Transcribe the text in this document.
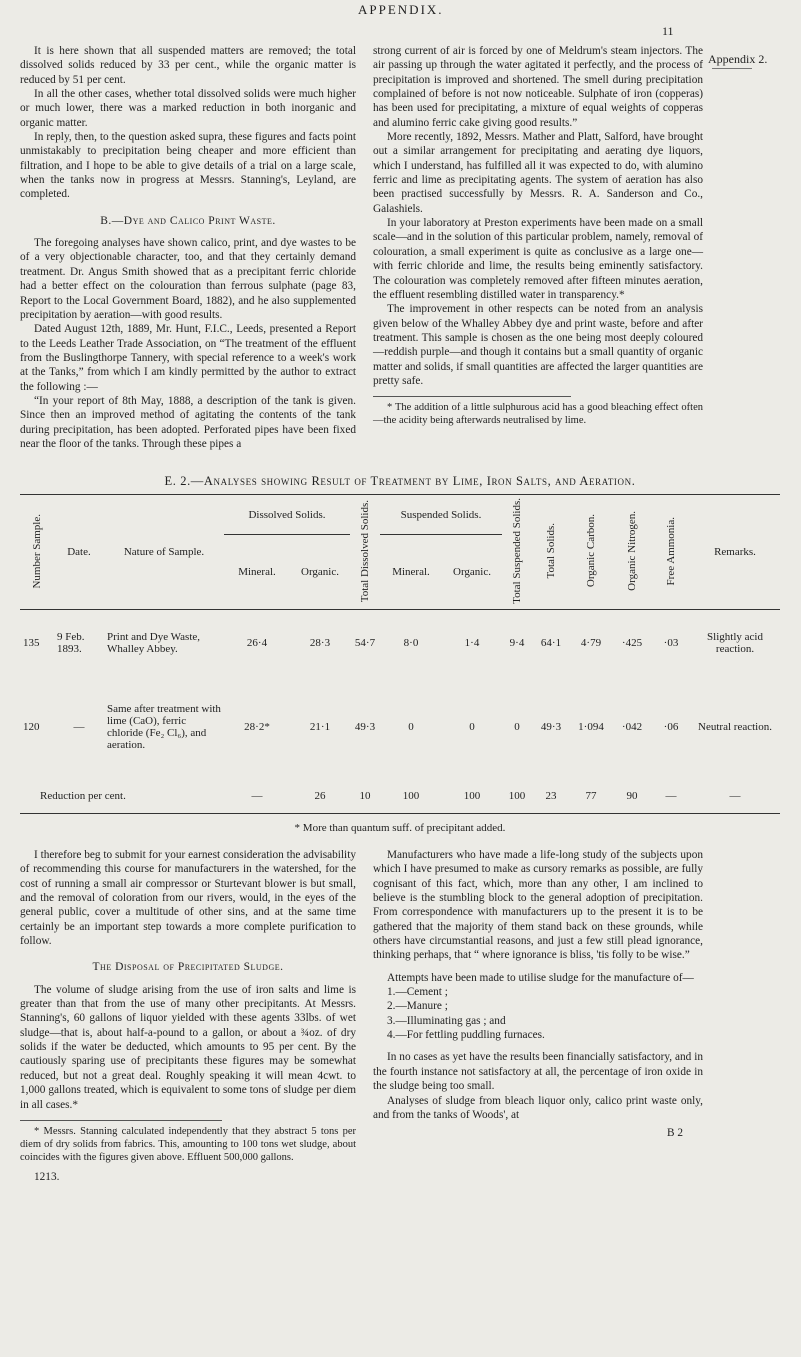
APPENDIX.
11
Appendix 2.

It is here shown that all suspended matters are removed; the total dissolved solids reduced by 33 per cent., while the organic matter is reduced by 51 per cent.

In all the other cases, whether total dissolved solids were much higher or much lower, there was a marked reduction in both inorganic and organic matter.

In reply, then, to the question asked supra, these figures and facts point unmistakably to precipitation being cheaper and more efficient than filtration, and I hope to be able to give details of a trial on a large scale, when the tanks now in progress at Messrs. Stanning's, Leyland, are completed.

B.—Dye and Calico Print Waste.

The foregoing analyses have shown calico, print, and dye wastes to be of a very objectionable character, too, and that they certainly demand treatment. Dr. Angus Smith showed that as a precipitant ferric chloride had a better effect on the colouration than ferrous sulphate (page 83, Report to the Local Government Board, 1882), and he also supplemented precipitation by aeration—with good results.

Dated August 12th, 1889, Mr. Hunt, F.I.C., Leeds, presented a Report to the Leeds Leather Trade Association, on “The treatment of the effluent from the Buslingthorpe Tannery, with special reference to a week's work at the Tanks,” from which I am kindly permitted by the author to extract the following :—

“In your report of 8th May, 1888, a description of the tank is given. Since then an improved method of agitating the contents of the tank during precipitation, has been adopted. Perforated pipes have been fixed near the floor of the tanks. Through these pipes a

strong current of air is forced by one of Meldrum's steam injectors. The air passing up through the water agitated it perfectly, and the process of precipitation is improved and shortened. The smell during precipitation complained of before is not now noticeable. Sulphate of iron (copperas) has been used for precipitating, a mixture of equal weights of copperas and alumino ferric cake giving good results.”

More recently, 1892, Messrs. Mather and Platt, Salford, have brought out a similar arrangement for precipitating and aerating dye liquors, which I understand, has fulfilled all it was expected to do, with alumino ferric and lime as precipitating agents. The system of aeration has also been practised successfully by Messrs. R. A. Sanderson and Co., Galashiels.

In your laboratory at Preston experiments have been made on a small scale—and in the solution of this particular problem, namely, removal of colouration, a small experiment is quite as conclusive as a large one—with ferric chloride and lime, the results being eminently satisfactory. The colouration was completely removed after fifteen minutes aeration, the effluent resembling distilled water in transparency.*

The improvement in other respects can be noted from an analysis given below of the Whalley Abbey dye and print waste, before and after treatment. This sample is chosen as the one being most deeply coloured—reddish purple—and though it contains but a small quantity of organic matter and solids, if small quantities are affected the larger quantities are pretty safe.

* The addition of a little sulphurous acid has a good bleaching effect often—the acidity being afterwards neutralised by lime.

E. 2.—Analyses showing Result of Treatment by Lime, Iron Salts, and Aeration.
Number Sample.	Date.	Nature of Sample.	Dissolved Solids.		Total Dissolved Solids.	Suspended Solids.		Total Suspended Solids.	Total Solids.	Organic Carbon.	Organic Nitrogen.	Free Ammonia.	Remarks.
			Mineral.	Organic.		Mineral.	Organic.						
135	9 Feb. 1893.	Print and Dye Waste, Whalley Abbey.	26·4	28·3	54·7	8·0	1·4	9·4	64·1	4·79	·425	·03	Slightly acid reaction.
120	—	Same after treatment with lime (CaO), ferric chloride (Fe₂ Cl₆), and aeration.	28·2*	21·1	49·3	0	0	0	49·3	1·094	·042	·06	Neutral reaction.
Reduction per cent.			—	26	10	100	100	100	23	77	90	—	—
* More than quantum suff. of precipitant added.

I therefore beg to submit for your earnest consideration the advisability of recommending this course for manufacturers in the watershed, for the cost of running a small air compressor or Sturtevant blower is but small, and the removal of coloration from our rivers, would, in the eyes of the general public, cover a multitude of other sins, and at the same time certainly be an important step towards a more complete purification to follow.

The Disposal of Precipitated Sludge.

The volume of sludge arising from the use of iron salts and lime is greater than that from the use of many other precipitants. At Messrs. Stanning's, 60 gallons of liquor yielded with these agents 33lbs. of wet sludge—that is, about half-a-pound to a gallon, or about a ¾oz. of dry solids if the water be deducted, which amounts to 95 per cent. By the cautiously sparing use of precipitants these figures may be somewhat reduced, but not a great deal. Roughly speaking it will mean 4cwt. to 1,000 gallons treated, which is equivalent to some tons of sludge per diem in all cases.*

* Messrs. Stanning calculated independently that they abstract 5 tons per diem of dry solids from fabrics. This, amounting to 100 tons wet sludge, about coincides with the figures given above. Effluent 500,000 gallons.

1213.

Manufacturers who have made a life-long study of the subjects upon which I have presumed to make as cursory remarks as possible, are fully cognisant of this fact, which, more than any other, I am inclined to believe is the stumbling block to the general adoption of precipitation. From correspondence with manufacturers up to the present it is to be gathered that the majority of them stand back on these grounds, while others have circumstantial reasons, and just a few still plead ignorance, thinking perhaps, that “ where ignorance is bliss, 'tis folly to be wise.”

Attempts have been made to utilise sludge for the manufacture of—

1.—Cement ;

2.—Manure ;

3.—Illuminating gas ; and

4.—For fettling puddling furnaces.

In no cases as yet have the results been financially satisfactory, and in the fourth instance not satisfactory at all, the percentage of iron oxide in the sludge being too small.

Analyses of sludge from bleach liquor only, calico print waste only, and from the tanks of Woods', at

B 2
